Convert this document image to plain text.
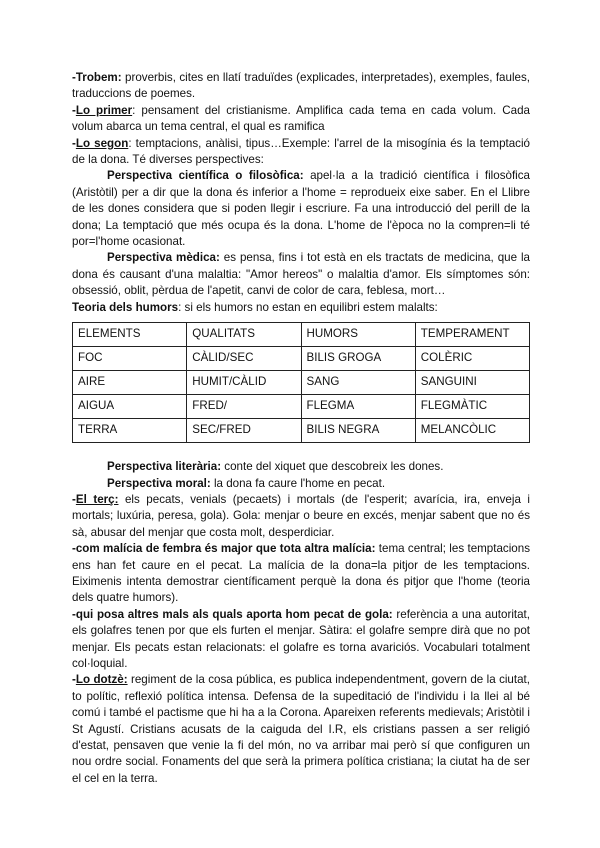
-Trobem: proverbis, cites en llatí traduïdes (explicades, interpretades), exemples, faules, traduccions de poemes.

-Lo primer: pensament del cristianisme. Amplifica cada tema en cada volum. Cada volum abarca un tema central, el qual es ramifica

-Lo segon: temptacions, anàlisi, tipus…Exemple: l'arrel de la misogínia és la temptació de la dona. Té diverses perspectives:

Perspectiva científica o filosòfica: apel·la a la tradició científica i filosòfica (Aristòtil) per a dir que la dona és inferior a l'home = reprodueix eixe saber. En el Llibre de les dones considera que si poden llegir i escriure. Fa una introducció del perill de la dona; La temptació que més ocupa és la dona. L'home de l'època no la compren=li té por=l'home ocasionat.

Perspectiva mèdica: es pensa, fins i tot està en els tractats de medicina, que la dona és causant d'una malaltia: "Amor hereos" o malaltia d'amor. Els símptomes són: obsessió, oblit, pèrdua de l'apetit, canvi de color de cara, feblesa, mort…

Teoria dels humors: si els humors no estan en equilibri estem malalts:

ELEMENTS	QUALITATS	HUMORS	TEMPERAMENT
FOC	CÀLID/SEC	BILIS GROGA	COLÈRIC
AIRE	HUMIT/CÀLID	SANG	SANGUINI
AIGUA	FRED/	FLEGMA	FLEGMÀTIC
TERRA	SEC/FRED	BILIS NEGRA	MELANCÒLIC

Perspectiva literària: conte del xiquet que descobreix les dones.

Perspectiva moral: la dona fa caure l'home en pecat.

-El terç: els pecats, venials (pecaets) i mortals (de l'esperit; avarícia, ira, enveja i mortals; luxúria, peresa, gola). Gola: menjar o beure en excés, menjar sabent que no és sà, abusar del menjar que costa molt, desperdiciar.

-com malícia de fembra és major que tota altra malícia: tema central; les temptacions ens han fet caure en el pecat. La malícia de la dona=la pitjor de les temptacions. Eiximenis intenta demostrar científicament perquè la dona és pitjor que l'home (teoria dels quatre humors).

-qui posa altres mals als quals aporta hom pecat de gola: referència a una autoritat, els golafres tenen por que els furten el menjar. Sàtira: el golafre sempre dirà que no pot menjar. Els pecats estan relacionats: el golafre es torna avariciós. Vocabulari totalment col·loquial.

-Lo dotzè: regiment de la cosa pública, es publica independentment, govern de la ciutat, to polític, reflexió política intensa. Defensa de la supeditació de l'individu i la llei al bé comú i també el pactisme que hi ha a la Corona. Apareixen referents medievals; Aristòtil i St Agustí. Cristians acusats de la caiguda del I.R, els cristians passen a ser religió d'estat, pensaven que venie la fi del món, no va arribar mai però sí que configuren un nou ordre social. Fonaments del que serà la primera política cristiana; la ciutat ha de ser el cel en la terra.
